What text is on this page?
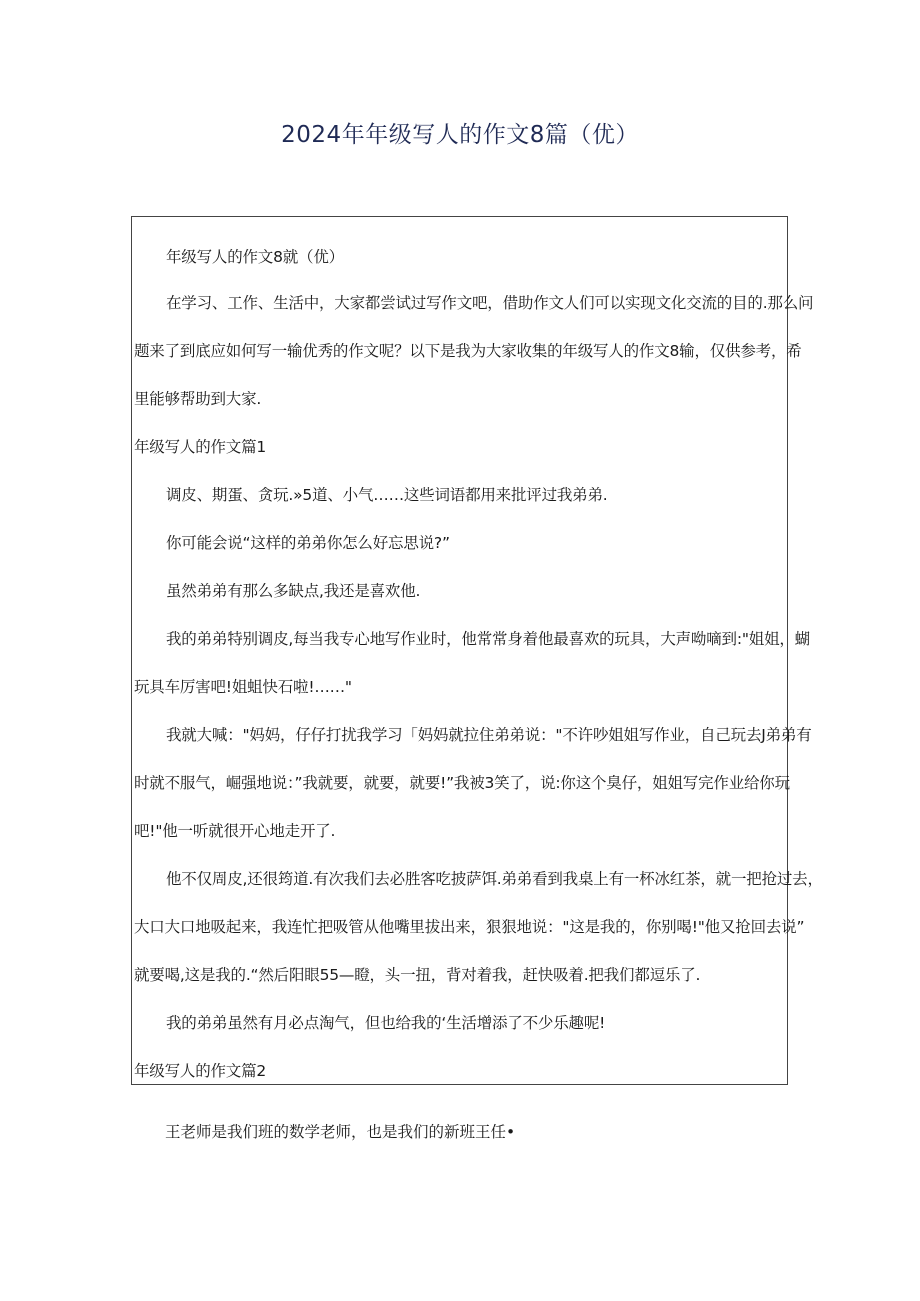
2024年年级写人的作文8篇（优）
年级写人的作文8就（优）
在学习、工作、生活中，大家都尝试过写作文吧，借助作文人们可以实现文化交流的目的.那么问
题来了到底应如何写一输优秀的作文呢？以下是我为大家收集的年级写人的作文8输，仅供参考，希
里能够帮助到大家.
年级写人的作文篇1
调皮、期蛋、贪玩.»5道、小气……这些词语都用来批评过我弟弟.
你可能会说“这样的弟弟你怎么好忘思说?”
虽然弟弟有那么多缺点,我还是喜欢他.
我的弟弟特别调皮,每当我专心地写作业时，他常常身着他最喜欢的玩具，大声呦嘀到:"姐姐，蝴
玩具车厉害吧!姐蛆快石啦!……"
我就大喊："妈妈，仔仔打扰我学习「妈妈就拉住弟弟说："不许吵姐姐写作业，自己玩去J弟弟有
时就不服气，崛强地说：”我就要，就要，就要!”我被3笑了，说:你这个臭仔，姐姐写完作业给你玩
吧!"他一听就很开心地走开了.
他不仅周皮,还很筠道.有次我们去必胜客吃披萨饵.弟弟看到我桌上有一杯冰红茶，就一把抢过去，
大口大口地吸起来，我连忙把吸管从他嘴里拔出来，狠狠地说："这是我的，你别喝!"他又抢回去说”
就要喝,这是我的.“然后阳眼55—瞪，头一扭，背对着我，赶快吸着.把我们都逗乐了.
我的弟弟虽然有月必点淘气，但也给我的‘生活增添了不少乐趣呢!
年级写人的作文篇2
王老师是我们班的数学老师，也是我们的新班王任•
